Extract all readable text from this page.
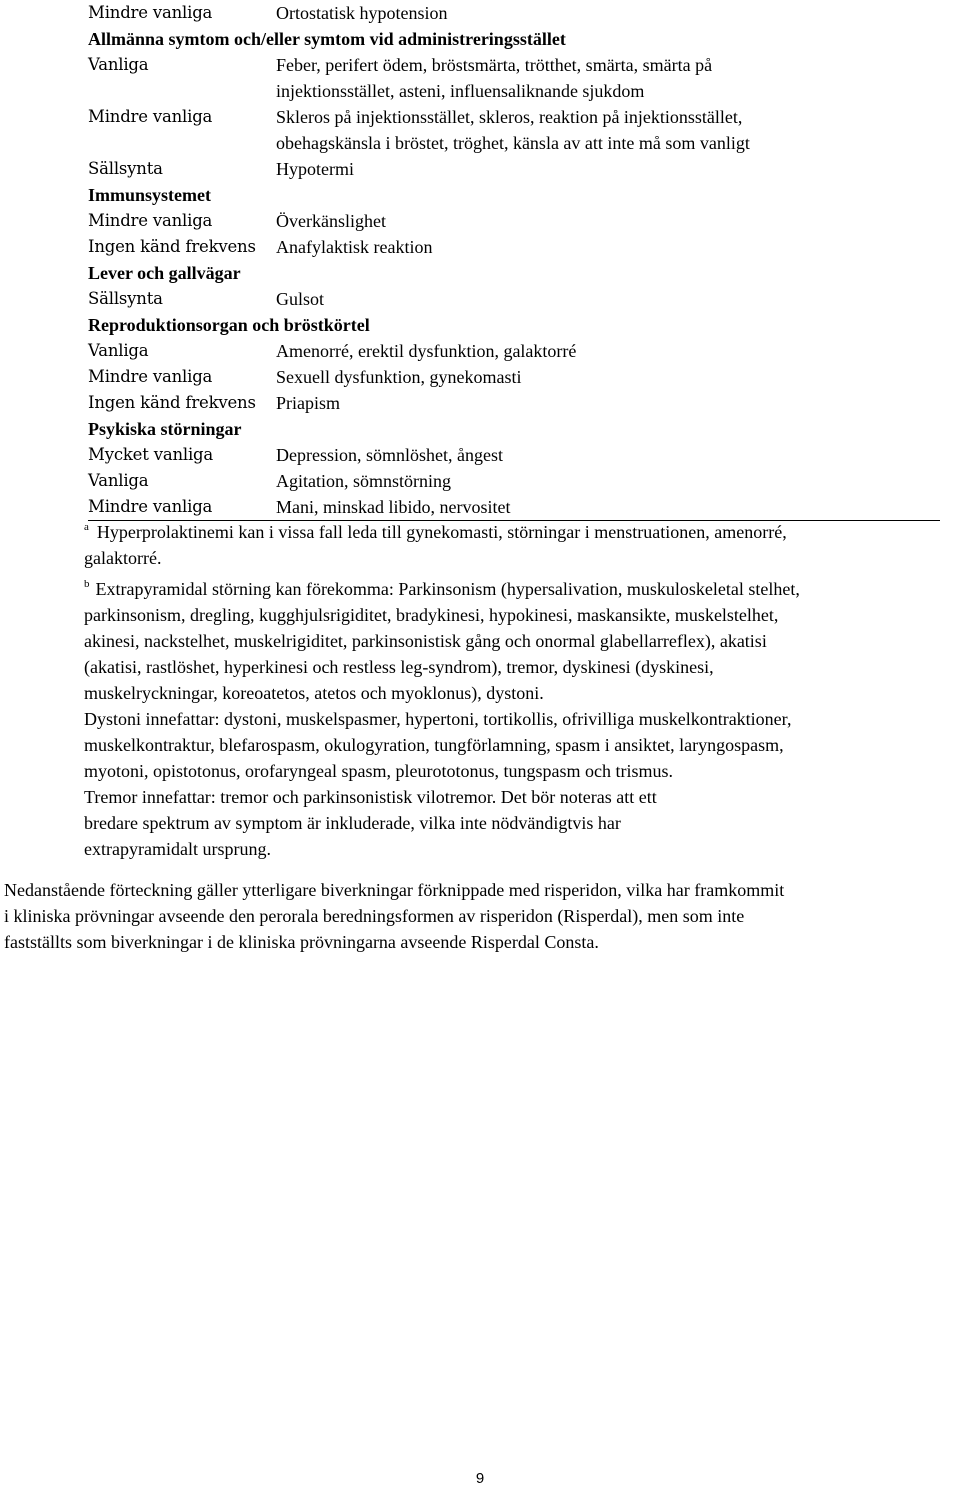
Mindre vanliga	Ortostatisk hypotension
Allmänna symtom och/eller symtom vid administreringsstället
Vanliga	Feber, perifert ödem, bröstsmärta, trötthet, smärta, smärta på
injektionsstället, asteni, influensaliknande sjukdom
Mindre vanliga	Skleros på injektionsstället, skleros, reaktion på injektionsstället,
obehagskänsla i bröstet, tröghet, känsla av att inte må som vanligt
Sällsynta	Hypotermi
Immunsystemet
Mindre vanliga	Överkänslighet
Ingen känd frekvens	Anafylaktisk reaktion
Lever och gallvägar
Sällsynta	Gulsot
Reproduktionsorgan och bröstkörtel
Vanliga	Amenorré, erektil dysfunktion, galaktorré
Mindre vanliga	Sexuell dysfunktion, gynekomasti
Ingen känd frekvens	Priapism
Psykiska störningar
Mycket vanliga	Depression, sömnlöshet, ångest
Vanliga	Agitation, sömnstörning
Mindre vanliga	Mani, minskad libido, nervositet

$^a$ Hyperprolaktinemi kan i vissa fall leda till gynekomasti, störningar i menstruationen, amenorré,

galaktorré.

$^b$ Extrapyramidal störning kan förekomma: Parkinsonism (hypersalivation, muskuloskeletal stelhet,

parkinsonism, dregling, kugghjulsrigiditet, bradykinesi, hypokinesi, maskansikte, muskelstelhet,

akinesi, nackstelhet, muskelrigiditet, parkinsonistisk gång och onormal glabellarreflex), akatisi

(akatisi, rastlöshet, hyperkinesi och restless leg-syndrom), tremor, dyskinesi (dyskinesi,

muskelryckningar, koreoatetos, atetos och myoklonus), dystoni.

Dystoni innefattar: dystoni, muskelspasmer, hypertoni, tortikollis, ofrivilliga muskelkontraktioner,

muskelkontraktur, blefarospasm, okulogyration, tungförlamning, spasm i ansiktet, laryngospasm,

myotoni, opistotonus, orofaryngeal spasm, pleurototonus, tungspasm och trismus.

Tremor innefattar: tremor och parkinsonistisk vilotremor. Det bör noteras att ett

bredare spektrum av symptom är inkluderade, vilka inte nödvändigtvis har

extrapyramidalt ursprung.

Nedanstående förteckning gäller ytterligare biverkningar förknippade med risperidon, vilka har framkommit
i kliniska prövningar avseende den perorala beredningsformen av risperidon (Risperdal), men som inte
fastställts som biverkningar i de kliniska prövningarna avseende Risperdal Consta.
9
